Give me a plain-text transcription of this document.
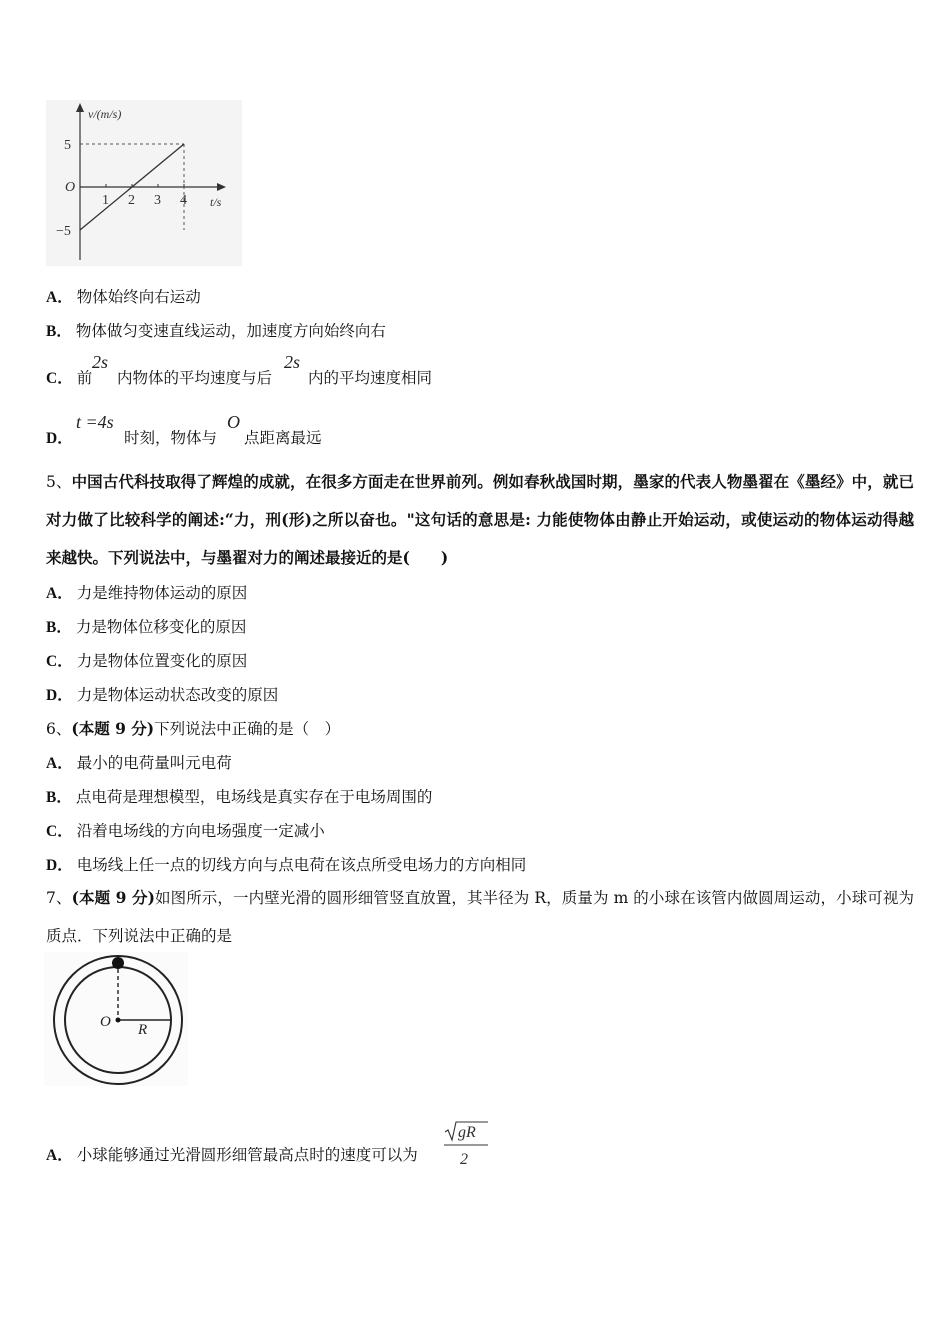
v/(m/s)
5
O
−5
1 2 3 4 t/s
A． 物体始终向右运动
B． 物体做匀变速直线运动，加速度方向始终向右
C． 前
2s
内物体的平均速度与后
2s
内的平均速度相同
D．
t =4s
时刻，物体与
O
点距离最远
5、中国古代科技取得了辉煌的成就，在很多方面走在世界前列。例如春秋战国时期，墨家的代表人物墨翟在《墨经》中，就已对力做了比较科学的阐述:“力，刑(形)之所以奋也。"这句话的意思是: 力能使物体由静止开始运动，或使运动的物体运动得越来越快。下列说法中，与墨翟对力的阐述最接近的是(　　)
A． 力是维持物体运动的原因
B． 力是物体位移变化的原因
C． 力是物体位置变化的原因
D． 力是物体运动状态改变的原因
6、(本题 9 分)下列说法中正确的是（　）
A． 最小的电荷量叫元电荷
B． 点电荷是理想模型，电场线是真实存在于电场周围的
C． 沿着电场线的方向电场强度一定减小
D． 电场线上任一点的切线方向与点电荷在该点所受电场力的方向相同
7、(本题 9 分)如图所示，一内壁光滑的圆形细管竖直放置，其半径为 R，质量为 m 的小球在该管内做圆周运动，小球可视为质点．下列说法中正确的是
O R
A． 小球能够通过光滑圆形细管最高点时的速度可以为
gR
2
